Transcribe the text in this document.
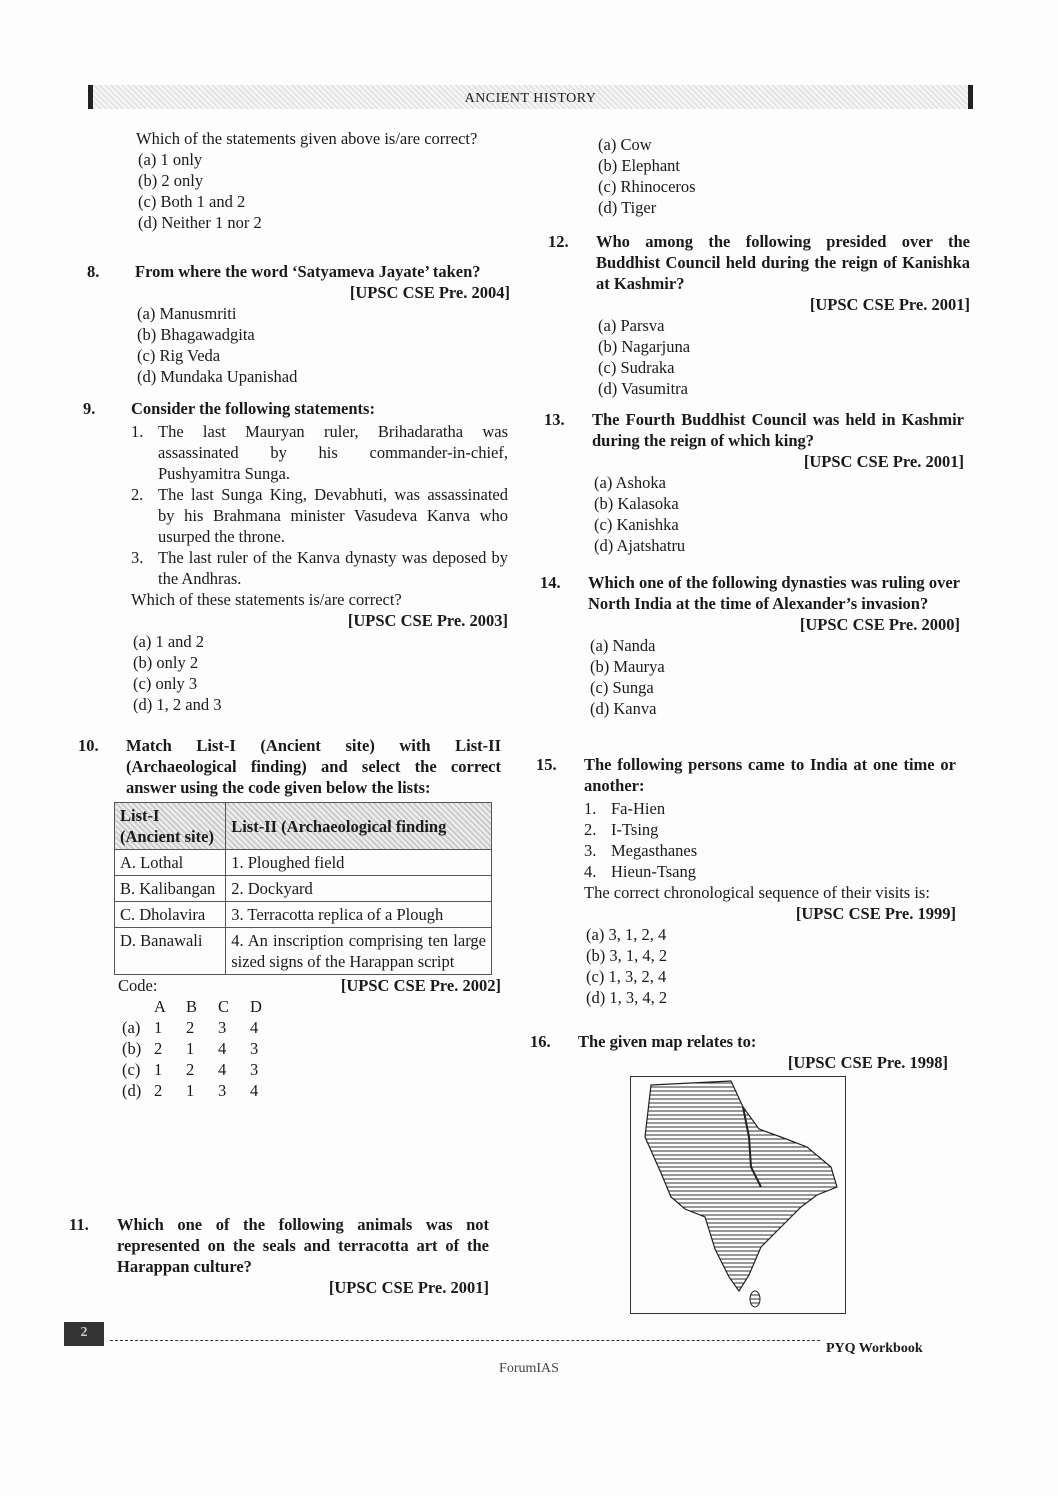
ANCIENT HISTORY
Which of the statements given above is/are correct?
(a) 1 only
(b) 2 only
(c) Both 1 and 2
(d) Neither 1 nor 2
8. From where the word ‘Satyameva Jayate’ taken?
[UPSC CSE Pre. 2004]
(a) Manusmriti
(b) Bhagawadgita
(c) Rig Veda
(d) Mundaka Upanishad
9. Consider the following statements:
1. The last Mauryan ruler, Brihadaratha was assassinated by his commander-in-chief, Pushyamitra Sunga.
2. The last Sunga King, Devabhuti, was assassinated by his Brahmana minister Vasudeva Kanva who usurped the throne.
3. The last ruler of the Kanva dynasty was deposed by the Andhras.
Which of these statements is/are correct?
[UPSC CSE Pre. 2003]
(a) 1 and 2
(b) only 2
(c) only 3
(d) 1, 2 and 3
10. Match List-I (Ancient site) with List-II (Archaeological finding) and select the correct answer using the code given below the lists:
List-I (Ancient site)	List-II (Archaeological finding
A. Lothal	1. Ploughed field
B. Kalibangan	2. Dockyard
C. Dholavira	3. Terracotta replica of a Plough
D. Banawali	4. An inscription comprising ten large sized signs of the Harappan script
Code:	[UPSC CSE Pre. 2002]
	A	B	C	D
(a)	1	2	3	4
(b)	2	1	4	3
(c)	1	2	4	3
(d)	2	1	3	4
11. Which one of the following animals was not represented on the seals and terracotta art of the Harappan culture?
[UPSC CSE Pre. 2001]
(a) Cow
(b) Elephant
(c) Rhinoceros
(d) Tiger
12. Who among the following presided over the Buddhist Council held during the reign of Kanishka at Kashmir?
[UPSC CSE Pre. 2001]
(a) Parsva
(b) Nagarjuna
(c) Sudraka
(d) Vasumitra
13. The Fourth Buddhist Council was held in Kashmir during the reign of which king?
[UPSC CSE Pre. 2001]
(a) Ashoka
(b) Kalasoka
(c) Kanishka
(d) Ajatshatru
14. Which one of the following dynasties was ruling over North India at the time of Alexander’s invasion?
[UPSC CSE Pre. 2000]
(a) Nanda
(b) Maurya
(c) Sunga
(d) Kanva
15. The following persons came to India at one time or another:
1. Fa-Hien
2. I-Tsing
3. Megasthanes
4. Hieun-Tsang
The correct chronological sequence of their visits is:
[UPSC CSE Pre. 1999]
(a) 3, 1, 2, 4
(b) 3, 1, 4, 2
(c) 1, 3, 2, 4
(d) 1, 3, 4, 2
16. The given map relates to:
[UPSC CSE Pre. 1998]
2
PYQ Workbook
ForumIAS
